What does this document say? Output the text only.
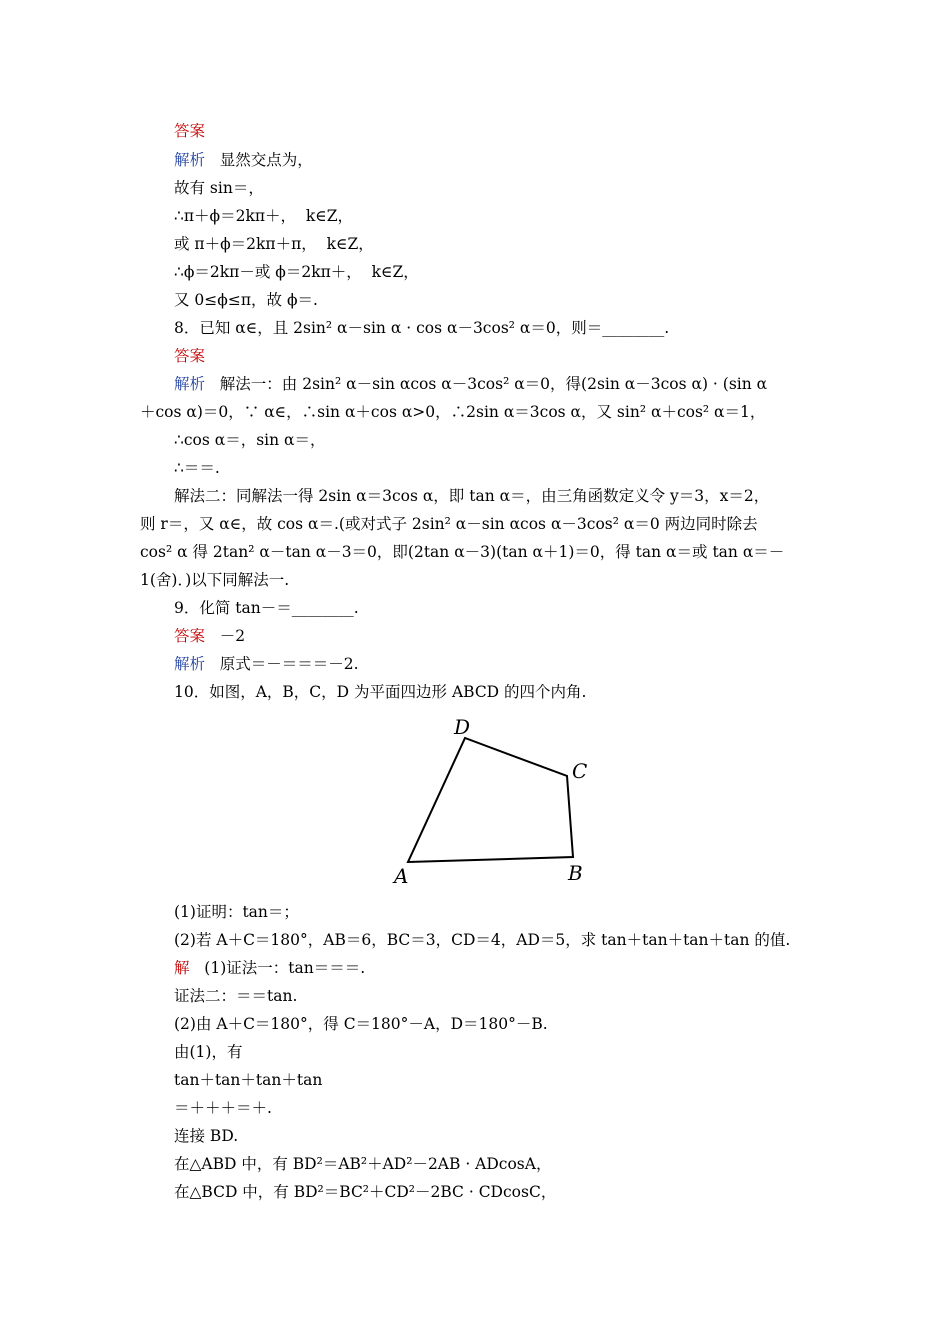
答案
解析   显然交点为，
故有 sin＝，
∴π＋ϕ＝2kπ＋，  k∈Z，
或 π＋ϕ＝2kπ＋π，  k∈Z，
∴ϕ＝2kπ－或 ϕ＝2kπ＋，  k∈Z，
又 0≤ϕ≤π，故 ϕ＝.
8．已知 α∈，且 2sin² α－sin α · cos α－3cos² α＝0，则＝________.
答案
解析   解法一：由 2sin² α－sin αcos α－3cos² α＝0，得(2sin α－3cos α) · (sin α
＋cos α)＝0，∵ α∈，∴sin α＋cos α>0，∴2sin α＝3cos α，又 sin² α＋cos² α＝1，
∴cos α＝，sin α＝，
∴＝＝.
解法二：同解法一得 2sin α＝3cos α，即 tan α＝，由三角函数定义令 y＝3，x＝2，
则 r＝，又 α∈，故 cos α＝.(或对式子 2sin² α－sin αcos α－3cos² α＝0 两边同时除去
cos² α 得 2tan² α－tan α－3＝0，即(2tan α－3)(tan α＋1)＝0，得 tan α＝或 tan α＝－
1(舍)．)以下同解法一.
9．化简 tan－＝________.
答案   －2
解析   原式＝－＝＝＝－2.
10．如图，A，B，C，D 为平面四边形 ABCD 的四个内角.
(1)证明：tan＝；
(2)若 A＋C＝180°，AB＝6，BC＝3，CD＝4，AD＝5，求 tan＋tan＋tan＋tan 的值.
解   (1)证法一：tan＝＝＝.
证法二：＝＝tan.
(2)由 A＋C＝180°，得 C＝180°－A，D＝180°－B.
由(1)，有
tan＋tan＋tan＋tan
＝＋＋＋＝＋.
连接 BD.
在△ABD 中，有 BD²＝AB²＋AD²－2AB · ADcosA，
在△BCD 中，有 BD²＝BC²＋CD²－2BC · CDcosC，
D
C
A	B
